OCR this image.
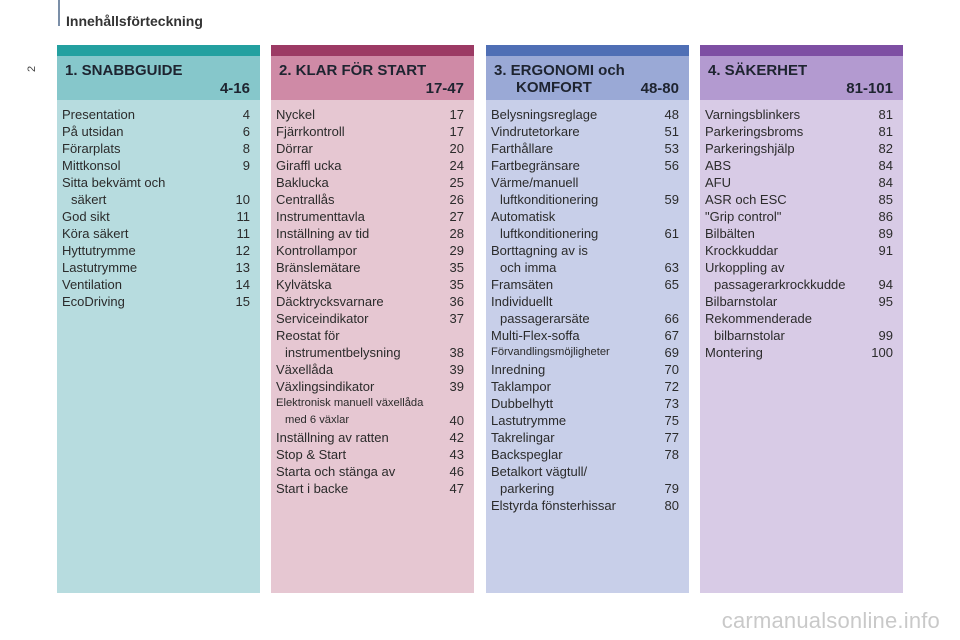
Innehållsförteckning
2 1. SNABBGUIDE
4-16
Presentation	4
På utsidan	6
Förarplats	8
Mittkonsol	9
Sitta bekvämt och
säkert	10
God sikt	11
Köra säkert	11
Hyttutrymme	12
Lastutrymme	13
Ventilation	14
EcoDriving	15
2. KLAR FÖR START
17-47
Nyckel	17
Fjärrkontroll	17
Dörrar	20
Giraffl ucka	24
Baklucka	25
Centrallås	26
Instrumenttavla	27
Inställning av tid	28
Kontrollampor	29
Bränslemätare	35
Kylvätska	35
Däcktrycksvarnare	36
Serviceindikator	37
Reostat för
instrumentbelysning	38
Växellåda	39
Växlingsindikator	39
Elektronisk manuell växellåda
med 6 växlar	40
Inställning av ratten	42
Stop & Start	43
Starta och stänga av	46
Start i backe	47
3. ERGONOMI och
KOMFORT	48-80
Belysningsreglage	48
Vindrutetorkare	51
Farthållare	53
Fartbegränsare	56
Värme/manuell
luftkonditionering	59
Automatisk
luftkonditionering	61
Borttagning av is
och imma	63
Framsäten	65
Individuellt
passagerarsäte	66
Multi-Flex-soffa	67
Förvandlingsmöjligheter	69
Inredning	70
Taklampor	72
Dubbelhytt	73
Lastutrymme	75
Takrelingar	77
Backspeglar	78
Betalkort vägtull/
parkering	79
Elstyrda fönsterhissar	80
4. SÄKERHET
81-101
Varningsblinkers	81
Parkeringsbroms	81
Parkeringshjälp	82
ABS	84
AFU	84
ASR och ESC	85
"Grip control"	86
Bilbälten	89
Krockkuddar	91
Urkoppling av
passagerarkrockkudde	94
Bilbarnstolar	95
Rekommenderade
bilbarnstolar	99
Montering	100
carmanualsonline.info
